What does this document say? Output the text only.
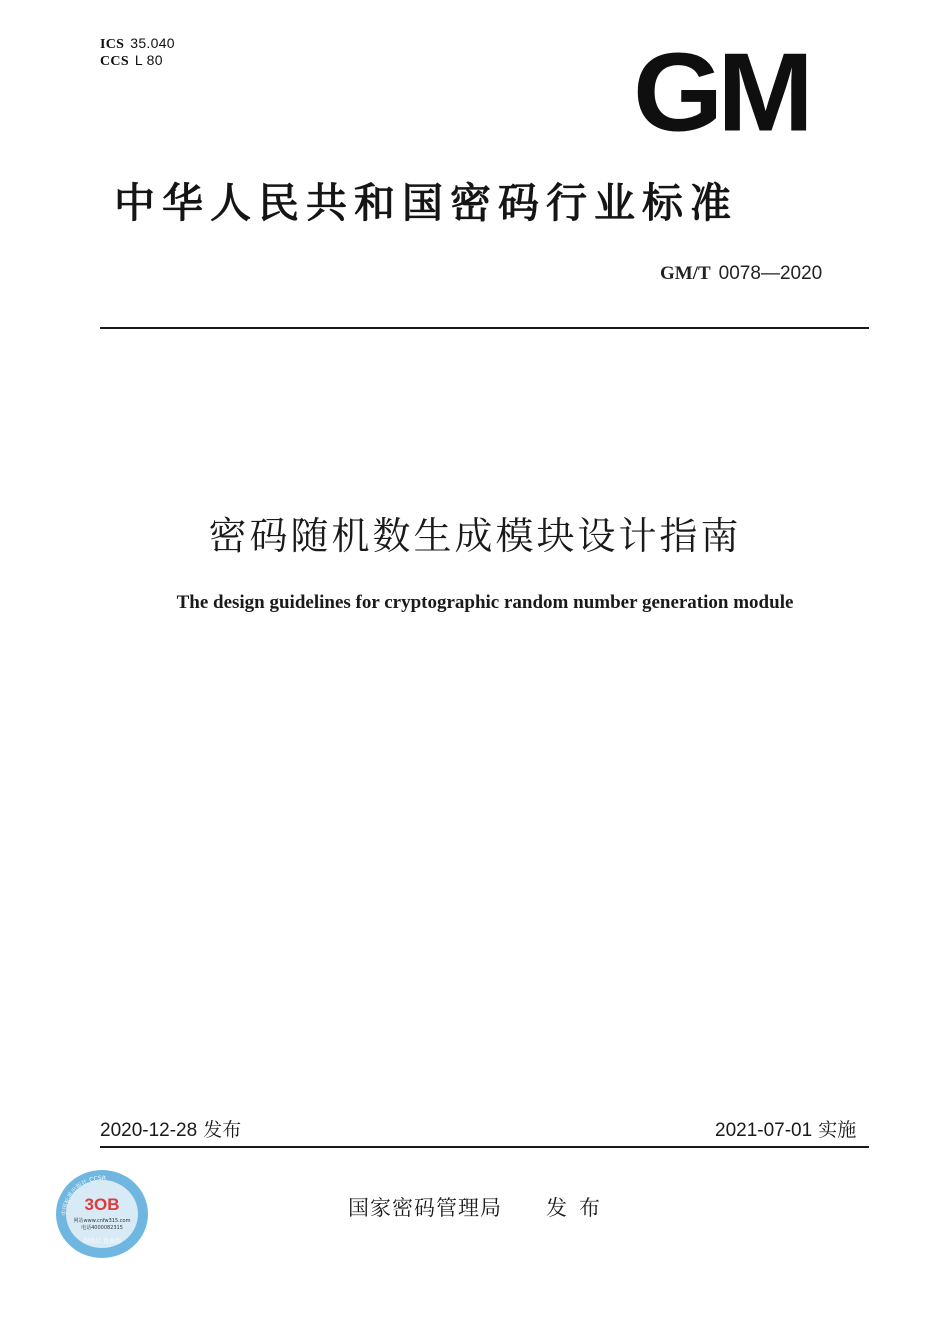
ICS 35.040
CCS L 80	GM
中华人民共和国密码行业标准
GM/T 0078—2020
密码随机数生成模块设计指南
The design guidelines for cryptographic random number generation module
2020-12-28 发布	2021-07-01 实施
国家密码管理局 发布
中国标准出版社 CCSR
3OB
网站www.cnfw315.com
电话4000082315
刮涂层 查真伪
